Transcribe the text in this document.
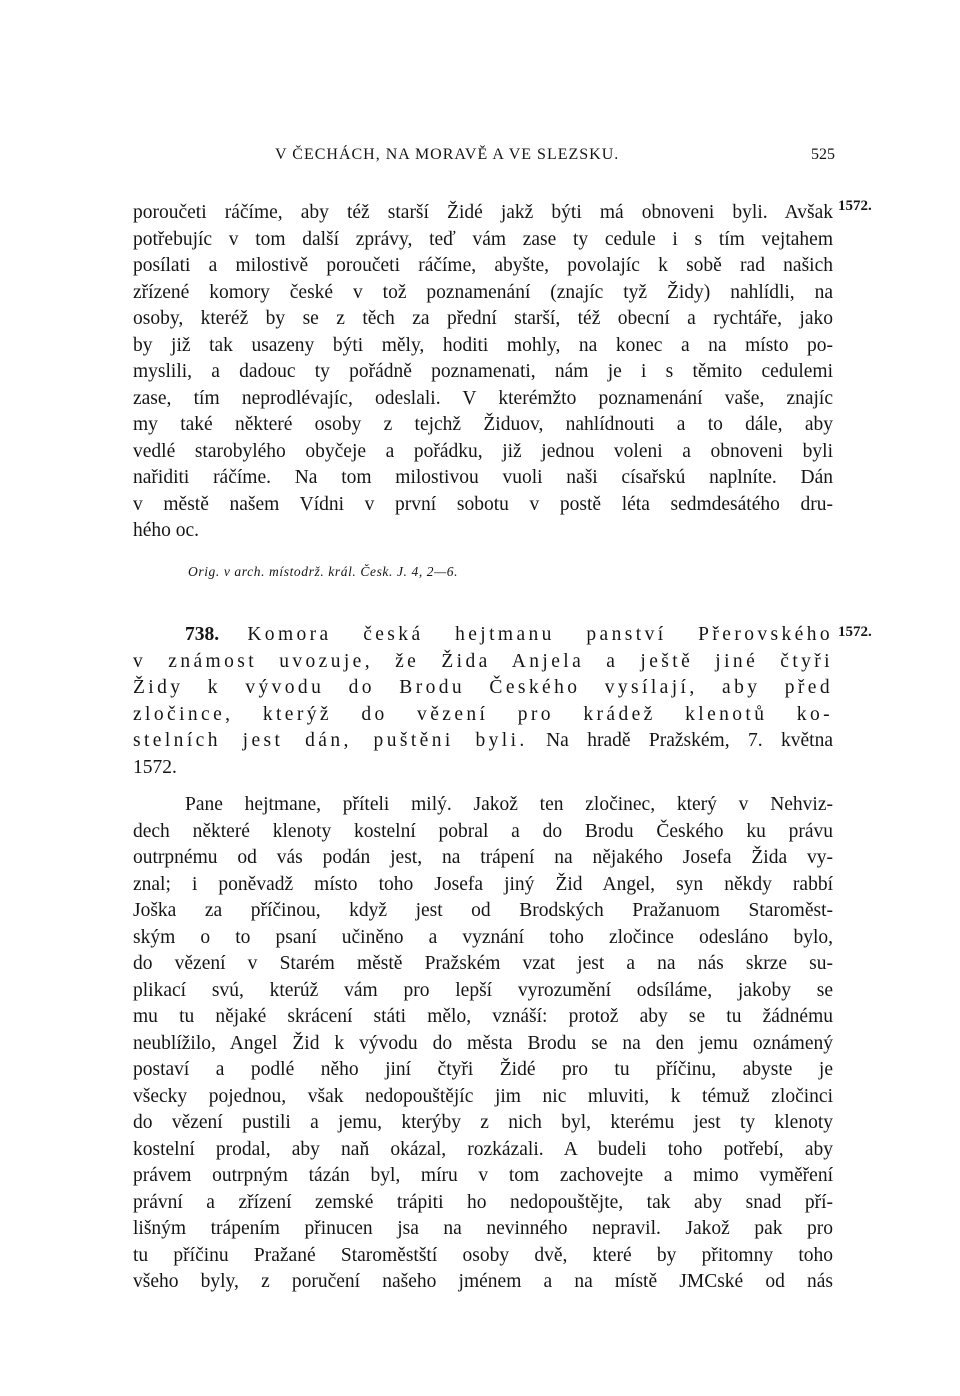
V ČECHÁCH, NA MORAVĚ A VE SLEZSKU.	525
1572.
1572.
poroučeti ráčíme, aby též starší Židé jakž býti má obnoveni byli. Avšak
potřebujíc v tom další zprávy, teď vám zase ty cedule i s tím vejtahem
posílati a milostivě poroučeti ráčíme, abyšte, povolajíc k sobě rad našich
zřízené komory české v tož poznamenání (znajíc tyž Židy) nahlídli, na
osoby, kteréž by se z těch za přední starší, též obecní a rychtáře, jako
by již tak usazeny býti měly, hoditi mohly, na konec a na místo po-
myslili, a dadouc ty pořádně poznamenati, nám je i s těmito cedulemi
zase, tím neprodlévajíc, odeslali. V kterémžto poznamenání vaše, znajíc
my také některé osoby z tejchž Židuov, nahlídnouti a to dále, aby
vedlé starobylého obyčeje a pořádku, již jednou voleni a obnoveni byli
nařiditi ráčíme. Na tom milostivou vuoli naši císařskú naplníte. Dán
v městě našem Vídni v první sobotu v postě léta sedmdesátého dru-
hého oc.
Orig. v arch. místodrž. král. Česk. J. 4, 2—6.
738. Komora česká hejtmanu panství Přerovského
v známost uvozuje, že Žida Anjela a ještě jiné čtyři
Židy k vývodu do Brodu Českého vysílají, aby před
zločince, kterýž do vězení pro krádež klenotů ko-
stelních jest dán, puštěni byli. Na hradě Pražském, 7. května
1572.
Pane hejtmane, příteli milý. Jakož ten zločinec, který v Nehviz-
dech některé klenoty kostelní pobral a do Brodu Českého ku právu
outrpnému od vás podán jest, na trápení na nějakého Josefa Žida vy-
znal; i poněvadž místo toho Josefa jiný Žid Angel, syn někdy rabbí
Joška za příčinou, když jest od Brodských Pražanuom Staroměst-
ským o to psaní učiněno a vyznání toho zločince odesláno bylo,
do vězení v Starém městě Pražském vzat jest a na nás skrze su-
plikací svú, kterúž vám pro lepší vyrozumění odsíláme, jakoby se
mu tu nějaké skrácení státi mělo, vznáší: protož aby se tu žádnému
neublížilo, Angel Žid k vývodu do města Brodu se na den jemu oznámený
postaví a podlé něho jiní čtyři Židé pro tu příčinu, abyste je
všecky pojednou, však nedopouštějíc jim nic mluviti, k témuž zločinci
do vězení pustili a jemu, kterýby z nich byl, kterému jest ty klenoty
kostelní prodal, aby naň okázal, rozkázali. A budeli toho potřebí, aby
právem outrpným tázán byl, míru v tom zachovejte a mimo vyměření
právní a zřízení zemské trápiti ho nedopouštějte, tak aby snad pří-
lišným trápením přinucen jsa na nevinného nepravil. Jakož pak pro
tu příčinu Pražané Staroměstští osoby dvě, které by přitomny toho
všeho byly, z poručení našeho jménem a na místě JMCské od nás
